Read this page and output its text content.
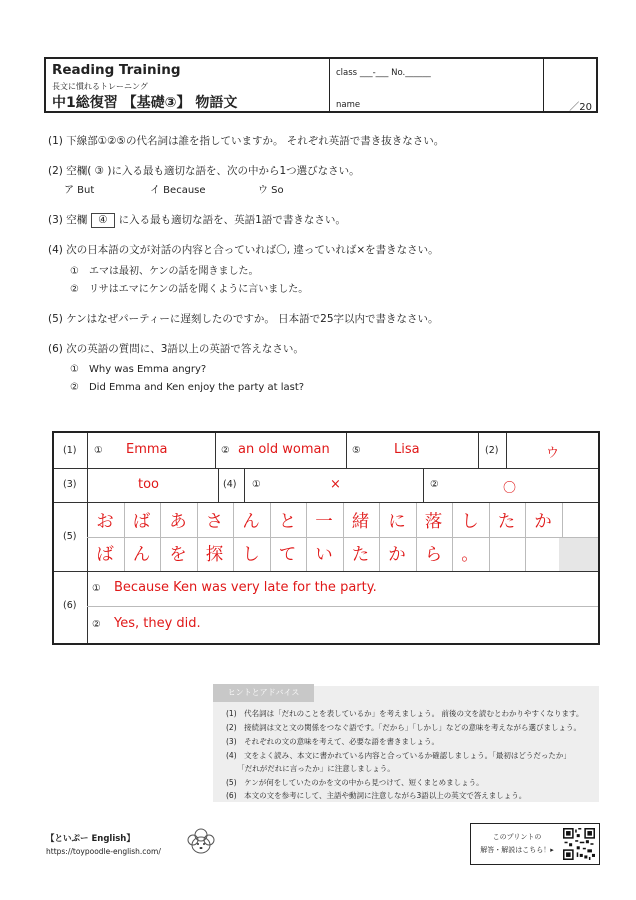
Reading Training
長文に慣れるトレーニング
中1総復習 【基礎③】 物語文
class ___-___ No.______
name	／20
(1) 下線部①②⑤の代名詞は誰を指していますか。 それぞれ英語で書き抜きなさい。
(2) 空欄( ③ )に入る最も適切な語を、次の中から1つ選びなさい。
ア But	イ Because	ウ So
(3) 空欄 ④ に入る最も適切な語を、英語1語で書きなさい。
(4) 次の日本語の文が対話の内容と合っていれば〇, 違っていれば×を書きなさい。
①　エマは最初、ケンの話を聞きました。
②　リサはエマにケンの話を聞くように言いました。
(5) ケンはなぜパーティーに遅刻したのですか。 日本語で25字以内で書きなさい。
(6) 次の英語の質問に、3語以上の英語で答えなさい。
①　Why was Emma angry?
②　Did Emma and Ken enjoy the party at last?
(1) ① Emma	② an old woman ⑤	Lisa	(2)	ウ
(3)	too	(4) ①	×	②	〇
(5)
お	ば	あ	さ	ん	と	一	緒	に	落	し	た	か
ば	ん	を	探	し	て	い	た	か	ら	。
(6)
① Because Ken was very late for the party.
② Yes, they did.
ヒントとアドバイス
(1)　代名詞は「だれのことを表しているか」を考えましょう。 前後の文を読むとわかりやすくなります。
(2)　接続詞は文と文の関係をつなぐ語です。「だから」「しかし」などの意味を考えながら選びましょう。
(3)　それぞれの文の意味を考えて、必要な語を書きましょう。
(4)　文をよく読み、本文に書かれている内容と合っているか確認しましょう。「最初はどうだったか」
　　「だれがだれに言ったか」に注意しましょう。
(5)　ケンが何をしていたのかを文の中から見つけて、短くまとめましょう。
(6)　本文の文を参考にして、主語や動詞に注意しながら3語以上の英文で答えましょう。
【といぷー English】
https://toypoodle-english.com/
このプリントの
解答・解説はこちら！▸
